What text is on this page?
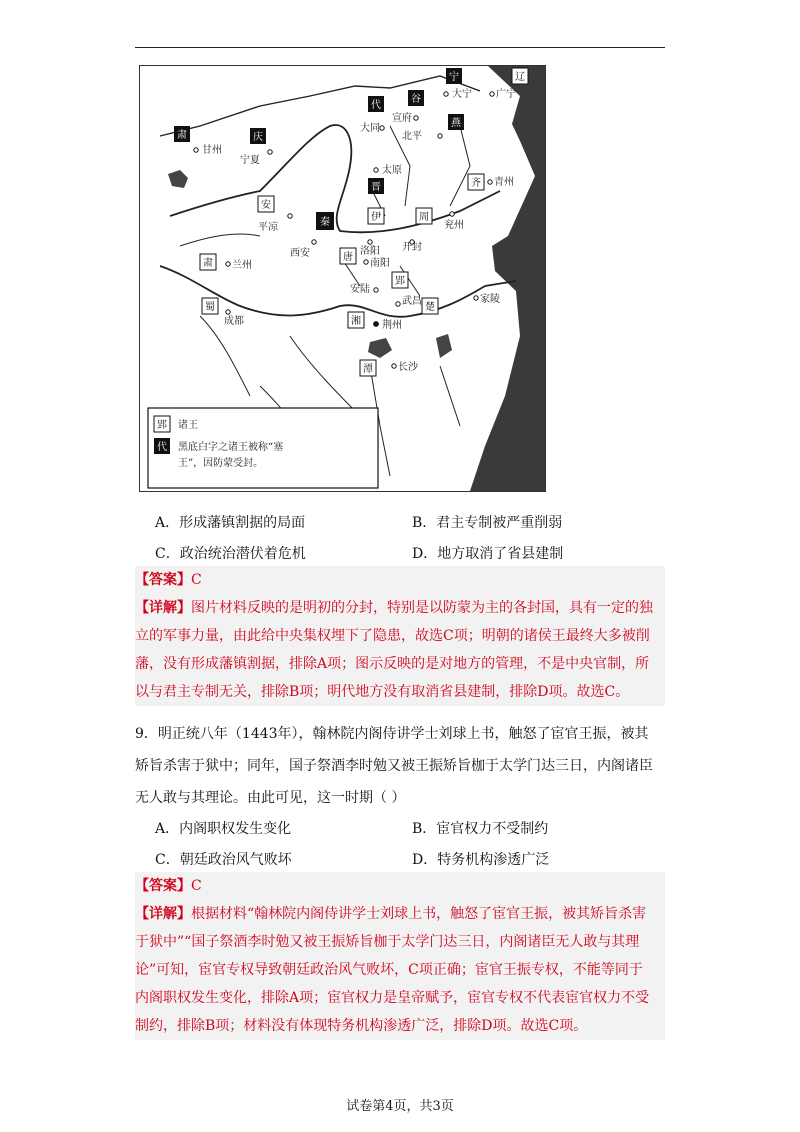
宁	辽
代
谷
燕
肃	庆
晋
秦
齐
安
伊	周
唐
肃
郢
蜀	楚
湘
潭
大宁 广宁
宣府
大同
北平
甘州
宁夏
太原
青州
平凉	兖州
西安	洛阳 开封
南阳
兰州
安陆
武昌	家陵
荆州
成都
长沙
郢 诸王
代 黑底白字之诸王被称“塞
王”，因防蒙受封。
A．形成藩镇割据的局面	B．君主专制被严重削弱
C．政治统治潜伏着危机	D．地方取消了省县建制

【答案】C

【详解】图片材料反映的是明初的分封，特别是以防蒙为主的各封国，具有一定的独

立的军事力量，由此给中央集权埋下了隐患，故选C项；明朝的诸侯王最终大多被削

藩，没有形成藩镇割据，排除A项；图示反映的是对地方的管理，不是中央官制，所

以与君主专制无关，排除B项；明代地方没有取消省县建制，排除D项。故选C。

9．明正统八年（1443年），翰林院内阁侍讲学士刘球上书，触怒了宦官王振，被其

矫旨杀害于狱中；同年，国子祭酒李时勉又被王振矫旨枷于太学门达三日，内阁诸臣

无人敢与其理论。由此可见，这一时期（ ）

A．内阁职权发生变化	B．宦官权力不受制约
C．朝廷政治风气败坏	D．特务机构渗透广泛

【答案】C

【详解】根据材料“翰林院内阁侍讲学士刘球上书，触怒了宦官王振，被其矫旨杀害

于狱中”“国子祭酒李时勉又被王振矫旨枷于太学门达三日，内阁诸臣无人敢与其理

论”可知，宦官专权导致朝廷政治风气败坏，C项正确；宦官王振专权，不能等同于

内阁职权发生变化，排除A项；宦官权力是皇帝赋予，宦官专权不代表宦官权力不受

制约，排除B项；材料没有体现特务机构渗透广泛，排除D项。故选C项。

试卷第4页，共3页
